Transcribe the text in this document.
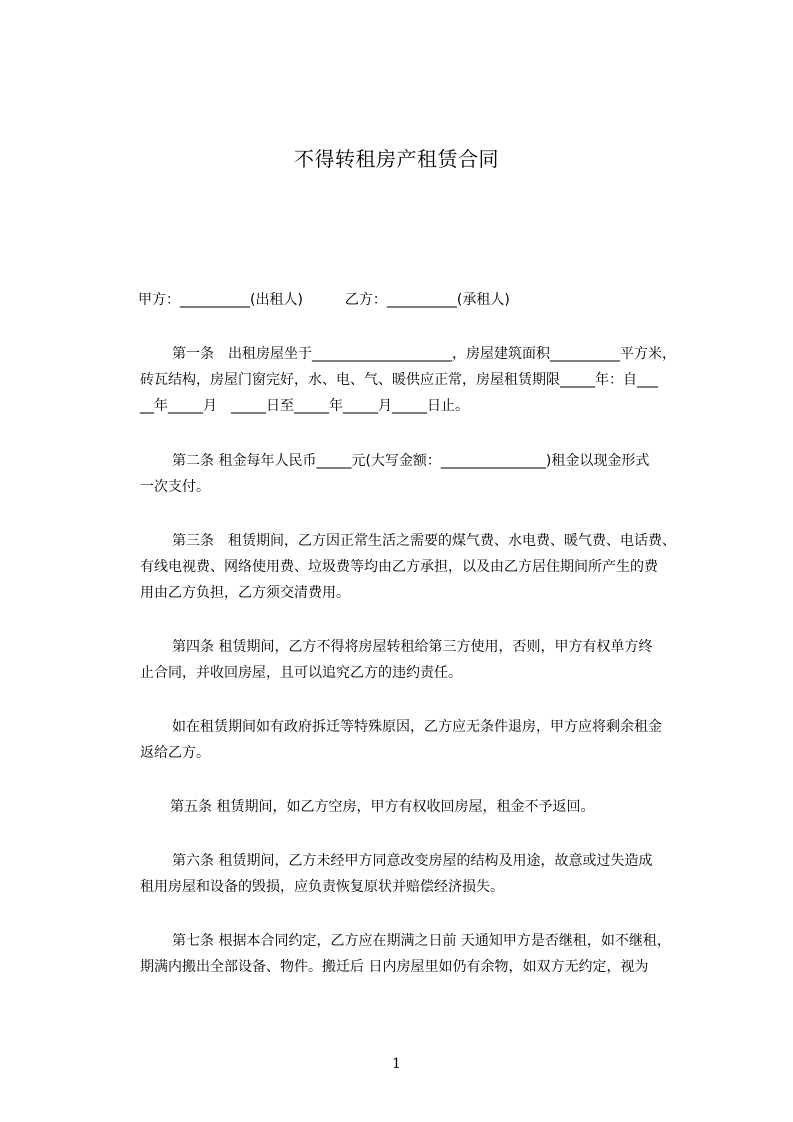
不得转租房产租赁合同
甲方：__________(出租人)　　　乙方：__________(承租人)
第一条　出租房屋坐于____________________，房屋建筑面积__________平方米，
砖瓦结构，房屋门窗完好，水、电、气、暖供应正常，房屋租赁期限_____年：自___
__年_____月　_____日至_____年_____月_____日止。
第二条 租金每年人民币_____元(大写金额：_______________)租金以现金形式
一次支付。
第三条　租赁期间，乙方因正常生活之需要的煤气费、水电费、暖气费、电话费、
有线电视费、网络使用费、垃圾费等均由乙方承担，以及由乙方居住期间所产生的费
用由乙方负担，乙方须交清费用。
第四条 租赁期间，乙方不得将房屋转租给第三方使用，否则，甲方有权单方终
止合同，并收回房屋，且可以追究乙方的违约责任。
如在租赁期间如有政府拆迁等特殊原因，乙方应无条件退房，甲方应将剩余租金
返给乙方。
第五条 租赁期间，如乙方空房，甲方有权收回房屋，租金不予返回。
第六条 租赁期间，乙方未经甲方同意改变房屋的结构及用途，故意或过失造成
租用房屋和设备的毁损，应负责恢复原状并赔偿经济损失。
第七条 根据本合同约定，乙方应在期满之日前 天通知甲方是否继租，如不继租，
期满内搬出全部设备、物件。搬迁后 日内房屋里如仍有余物，如双方无约定，视为
1
